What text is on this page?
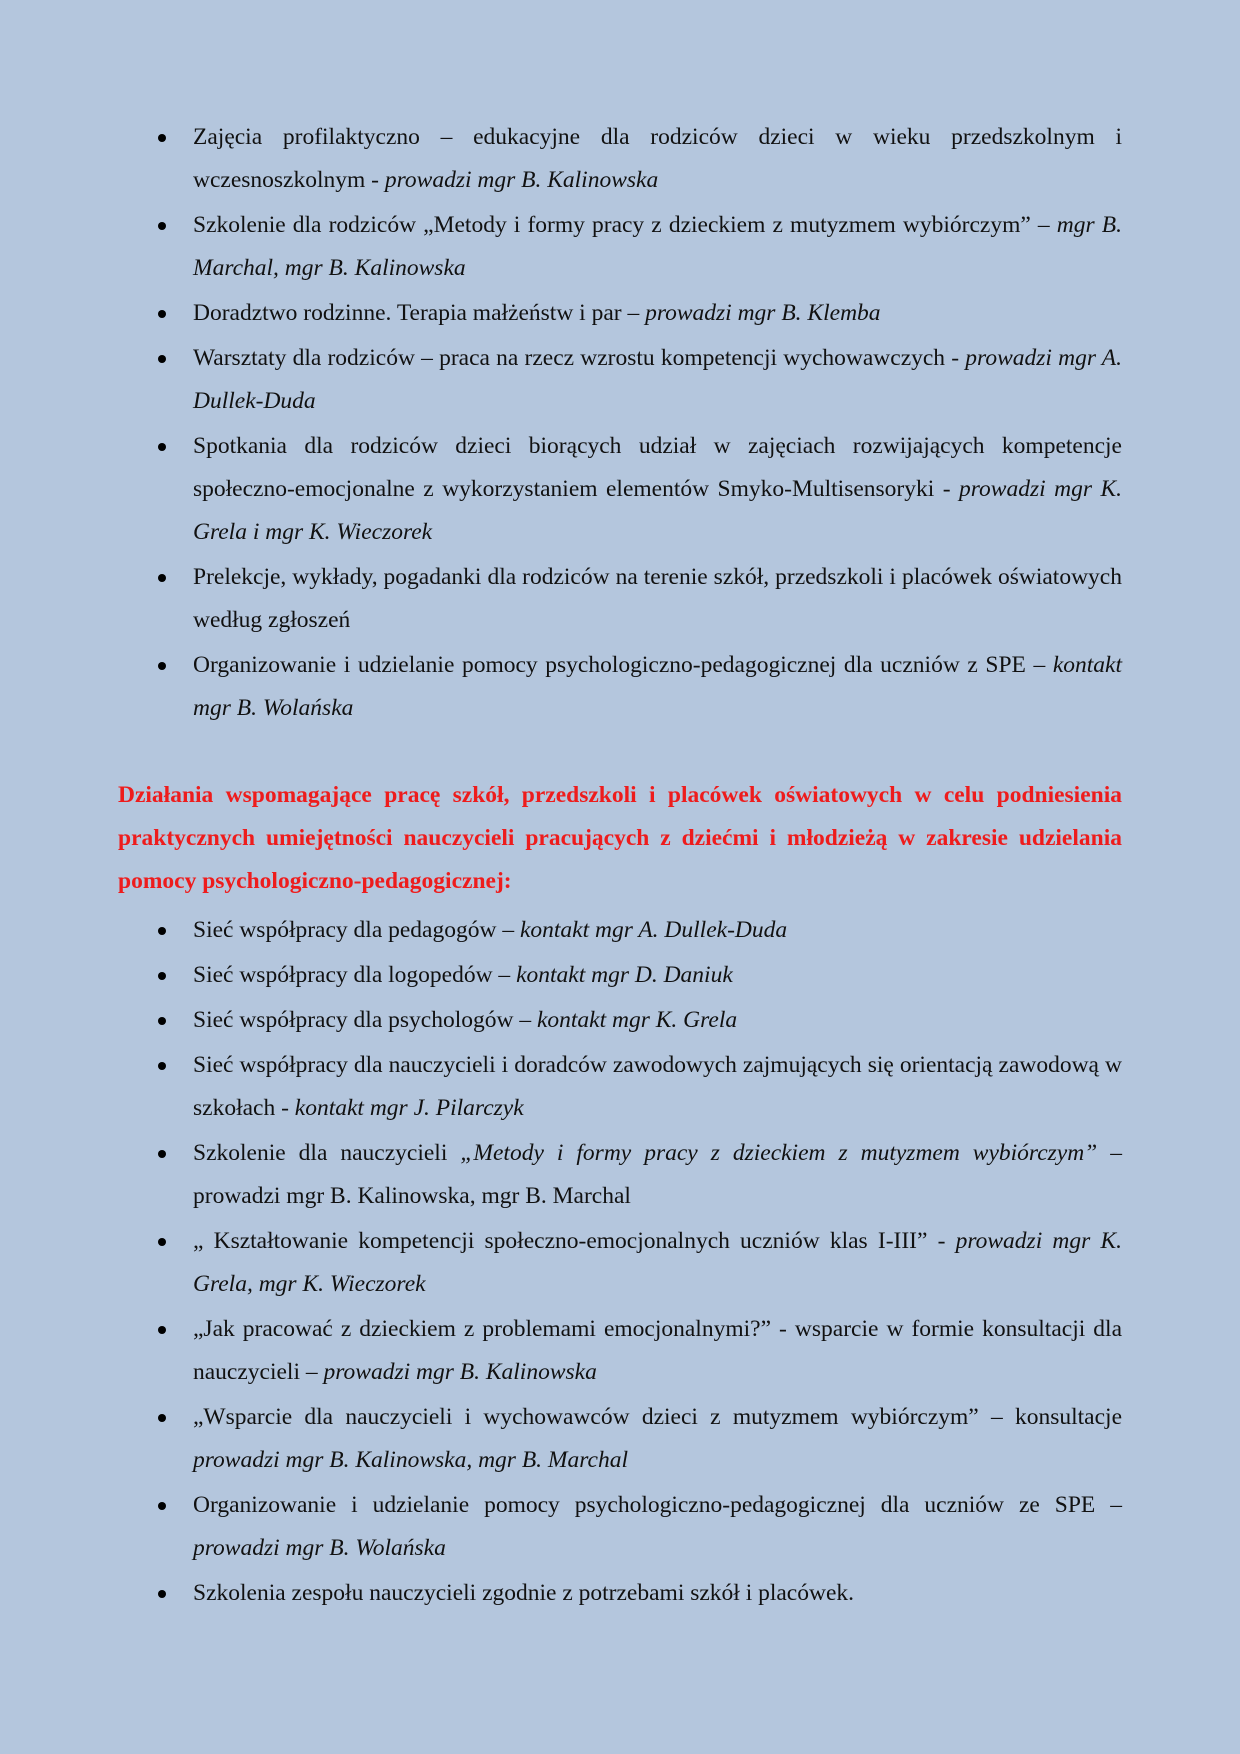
Zajęcia profilaktyczno – edukacyjne dla rodziców dzieci w wieku przedszkolnym i wczesnoszkolnym - prowadzi mgr B. Kalinowska
Szkolenie dla rodziców „Metody i formy pracy z dzieckiem z mutyzmem wybiórczym” – mgr B. Marchal, mgr B. Kalinowska
Doradztwo rodzinne. Terapia małżeństw i par – prowadzi mgr B. Klemba
Warsztaty dla rodziców – praca na rzecz wzrostu kompetencji wychowawczych - prowadzi mgr A. Dullek-Duda
Spotkania dla rodziców dzieci biorących udział w zajęciach rozwijających kompetencje społeczno-emocjonalne z wykorzystaniem elementów Smyko-Multisensoryki - prowadzi mgr K. Grela i mgr K. Wieczorek
Prelekcje, wykłady, pogadanki dla rodziców na terenie szkół, przedszkoli i placówek oświatowych według zgłoszeń
Organizowanie i udzielanie pomocy psychologiczno-pedagogicznej dla uczniów z SPE – kontakt mgr B. Wolańska

Działania wspomagające pracę szkół, przedszkoli i placówek oświatowych w celu podniesienia praktycznych umiejętności nauczycieli pracujących z dziećmi i młodzieżą w zakresie udzielania pomocy psychologiczno-pedagogicznej:

Sieć współpracy dla pedagogów – kontakt mgr A. Dullek-Duda
Sieć współpracy dla logopedów – kontakt mgr D. Daniuk
Sieć współpracy dla psychologów – kontakt mgr K. Grela
Sieć współpracy dla nauczycieli i doradców zawodowych zajmujących się orientacją zawodową w szkołach - kontakt mgr J. Pilarczyk
Szkolenie dla nauczycieli „Metody i formy pracy z dzieckiem z mutyzmem wybiórczym” – prowadzi mgr B. Kalinowska, mgr B. Marchal
„ Kształtowanie kompetencji społeczno-emocjonalnych uczniów klas I-III” - prowadzi mgr K. Grela, mgr K. Wieczorek
„Jak pracować z dzieckiem z problemami emocjonalnymi?” - wsparcie w formie konsultacji dla nauczycieli – prowadzi mgr B. Kalinowska
„Wsparcie dla nauczycieli i wychowawców dzieci z mutyzmem wybiórczym” – konsultacje prowadzi mgr B. Kalinowska, mgr B. Marchal
Organizowanie i udzielanie pomocy psychologiczno-pedagogicznej dla uczniów ze SPE – prowadzi mgr B. Wolańska
Szkolenia zespołu nauczycieli zgodnie z potrzebami szkół i placówek.
